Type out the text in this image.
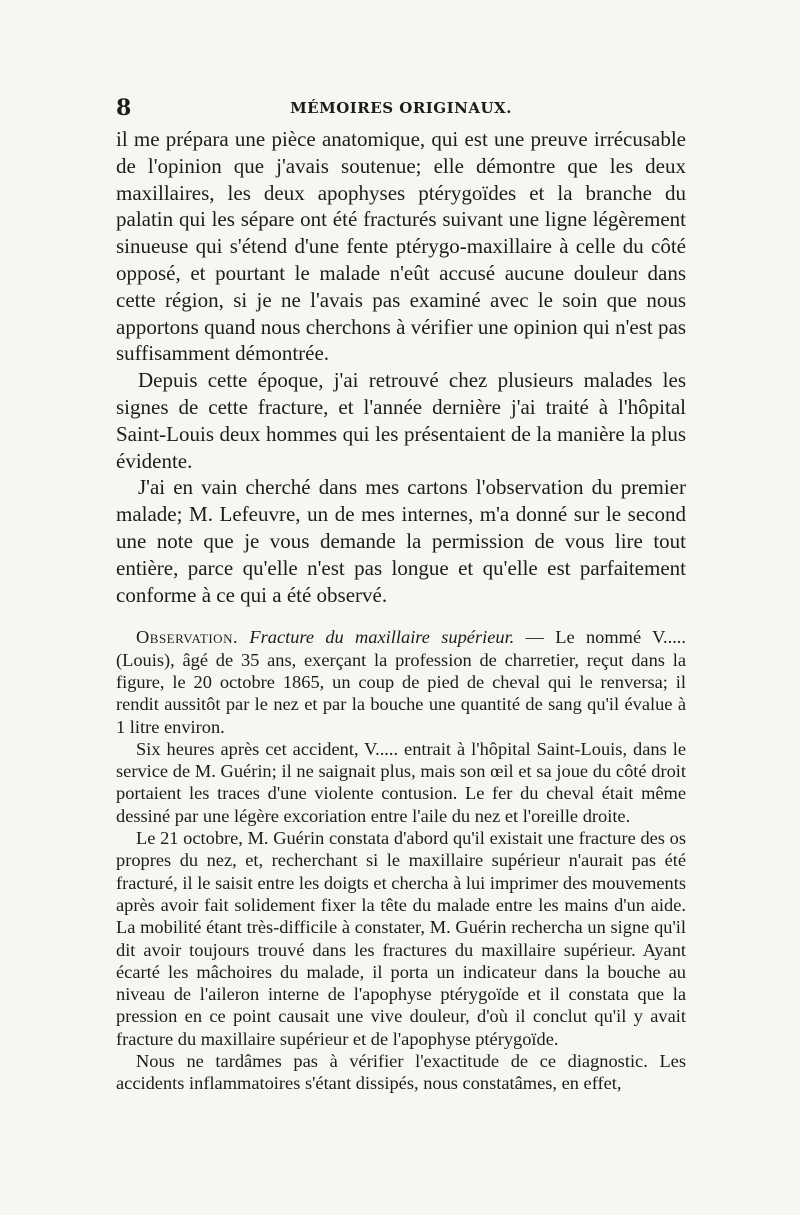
8	MÉMOIRES ORIGINAUX.

il me prépara une pièce anatomique, qui est une preuve irrécusable de l'opinion que j'avais soutenue; elle démontre que les deux maxillaires, les deux apophyses ptérygoïdes et la branche du palatin qui les sépare ont été fracturés suivant une ligne légèrement sinueuse qui s'étend d'une fente ptérygo-maxillaire à celle du côté opposé, et pourtant le malade n'eût accusé aucune douleur dans cette région, si je ne l'avais pas examiné avec le soin que nous apportons quand nous cherchons à vérifier une opinion qui n'est pas suffisamment démontrée.

Depuis cette époque, j'ai retrouvé chez plusieurs malades les signes de cette fracture, et l'année dernière j'ai traité à l'hôpital Saint-Louis deux hommes qui les présentaient de la manière la plus évidente.

J'ai en vain cherché dans mes cartons l'observation du premier malade; M. Lefeuvre, un de mes internes, m'a donné sur le second une note que je vous demande la permission de vous lire tout entière, parce qu'elle n'est pas longue et qu'elle est parfaitement conforme à ce qui a été observé.

Observation. Fracture du maxillaire supérieur. — Le nommé V..... (Louis), âgé de 35 ans, exerçant la profession de charretier, reçut dans la figure, le 20 octobre 1865, un coup de pied de cheval qui le renversa; il rendit aussitôt par le nez et par la bouche une quantité de sang qu'il évalue à 1 litre environ.

Six heures après cet accident, V..... entrait à l'hôpital Saint-Louis, dans le service de M. Guérin; il ne saignait plus, mais son œil et sa joue du côté droit portaient les traces d'une violente contusion. Le fer du cheval était même dessiné par une légère excoriation entre l'aile du nez et l'oreille droite.

Le 21 octobre, M. Guérin constata d'abord qu'il existait une fracture des os propres du nez, et, recherchant si le maxillaire supérieur n'aurait pas été fracturé, il le saisit entre les doigts et chercha à lui imprimer des mouvements après avoir fait solidement fixer la tête du malade entre les mains d'un aide. La mobilité étant très-difficile à constater, M. Guérin rechercha un signe qu'il dit avoir toujours trouvé dans les fractures du maxillaire supérieur. Ayant écarté les mâchoires du malade, il porta un indicateur dans la bouche au niveau de l'aileron interne de l'apophyse ptérygoïde et il constata que la pression en ce point causait une vive douleur, d'où il conclut qu'il y avait fracture du maxillaire supérieur et de l'apophyse ptérygoïde.

Nous ne tardâmes pas à vérifier l'exactitude de ce diagnostic. Les accidents inflammatoires s'étant dissipés, nous constatâmes, en effet,
